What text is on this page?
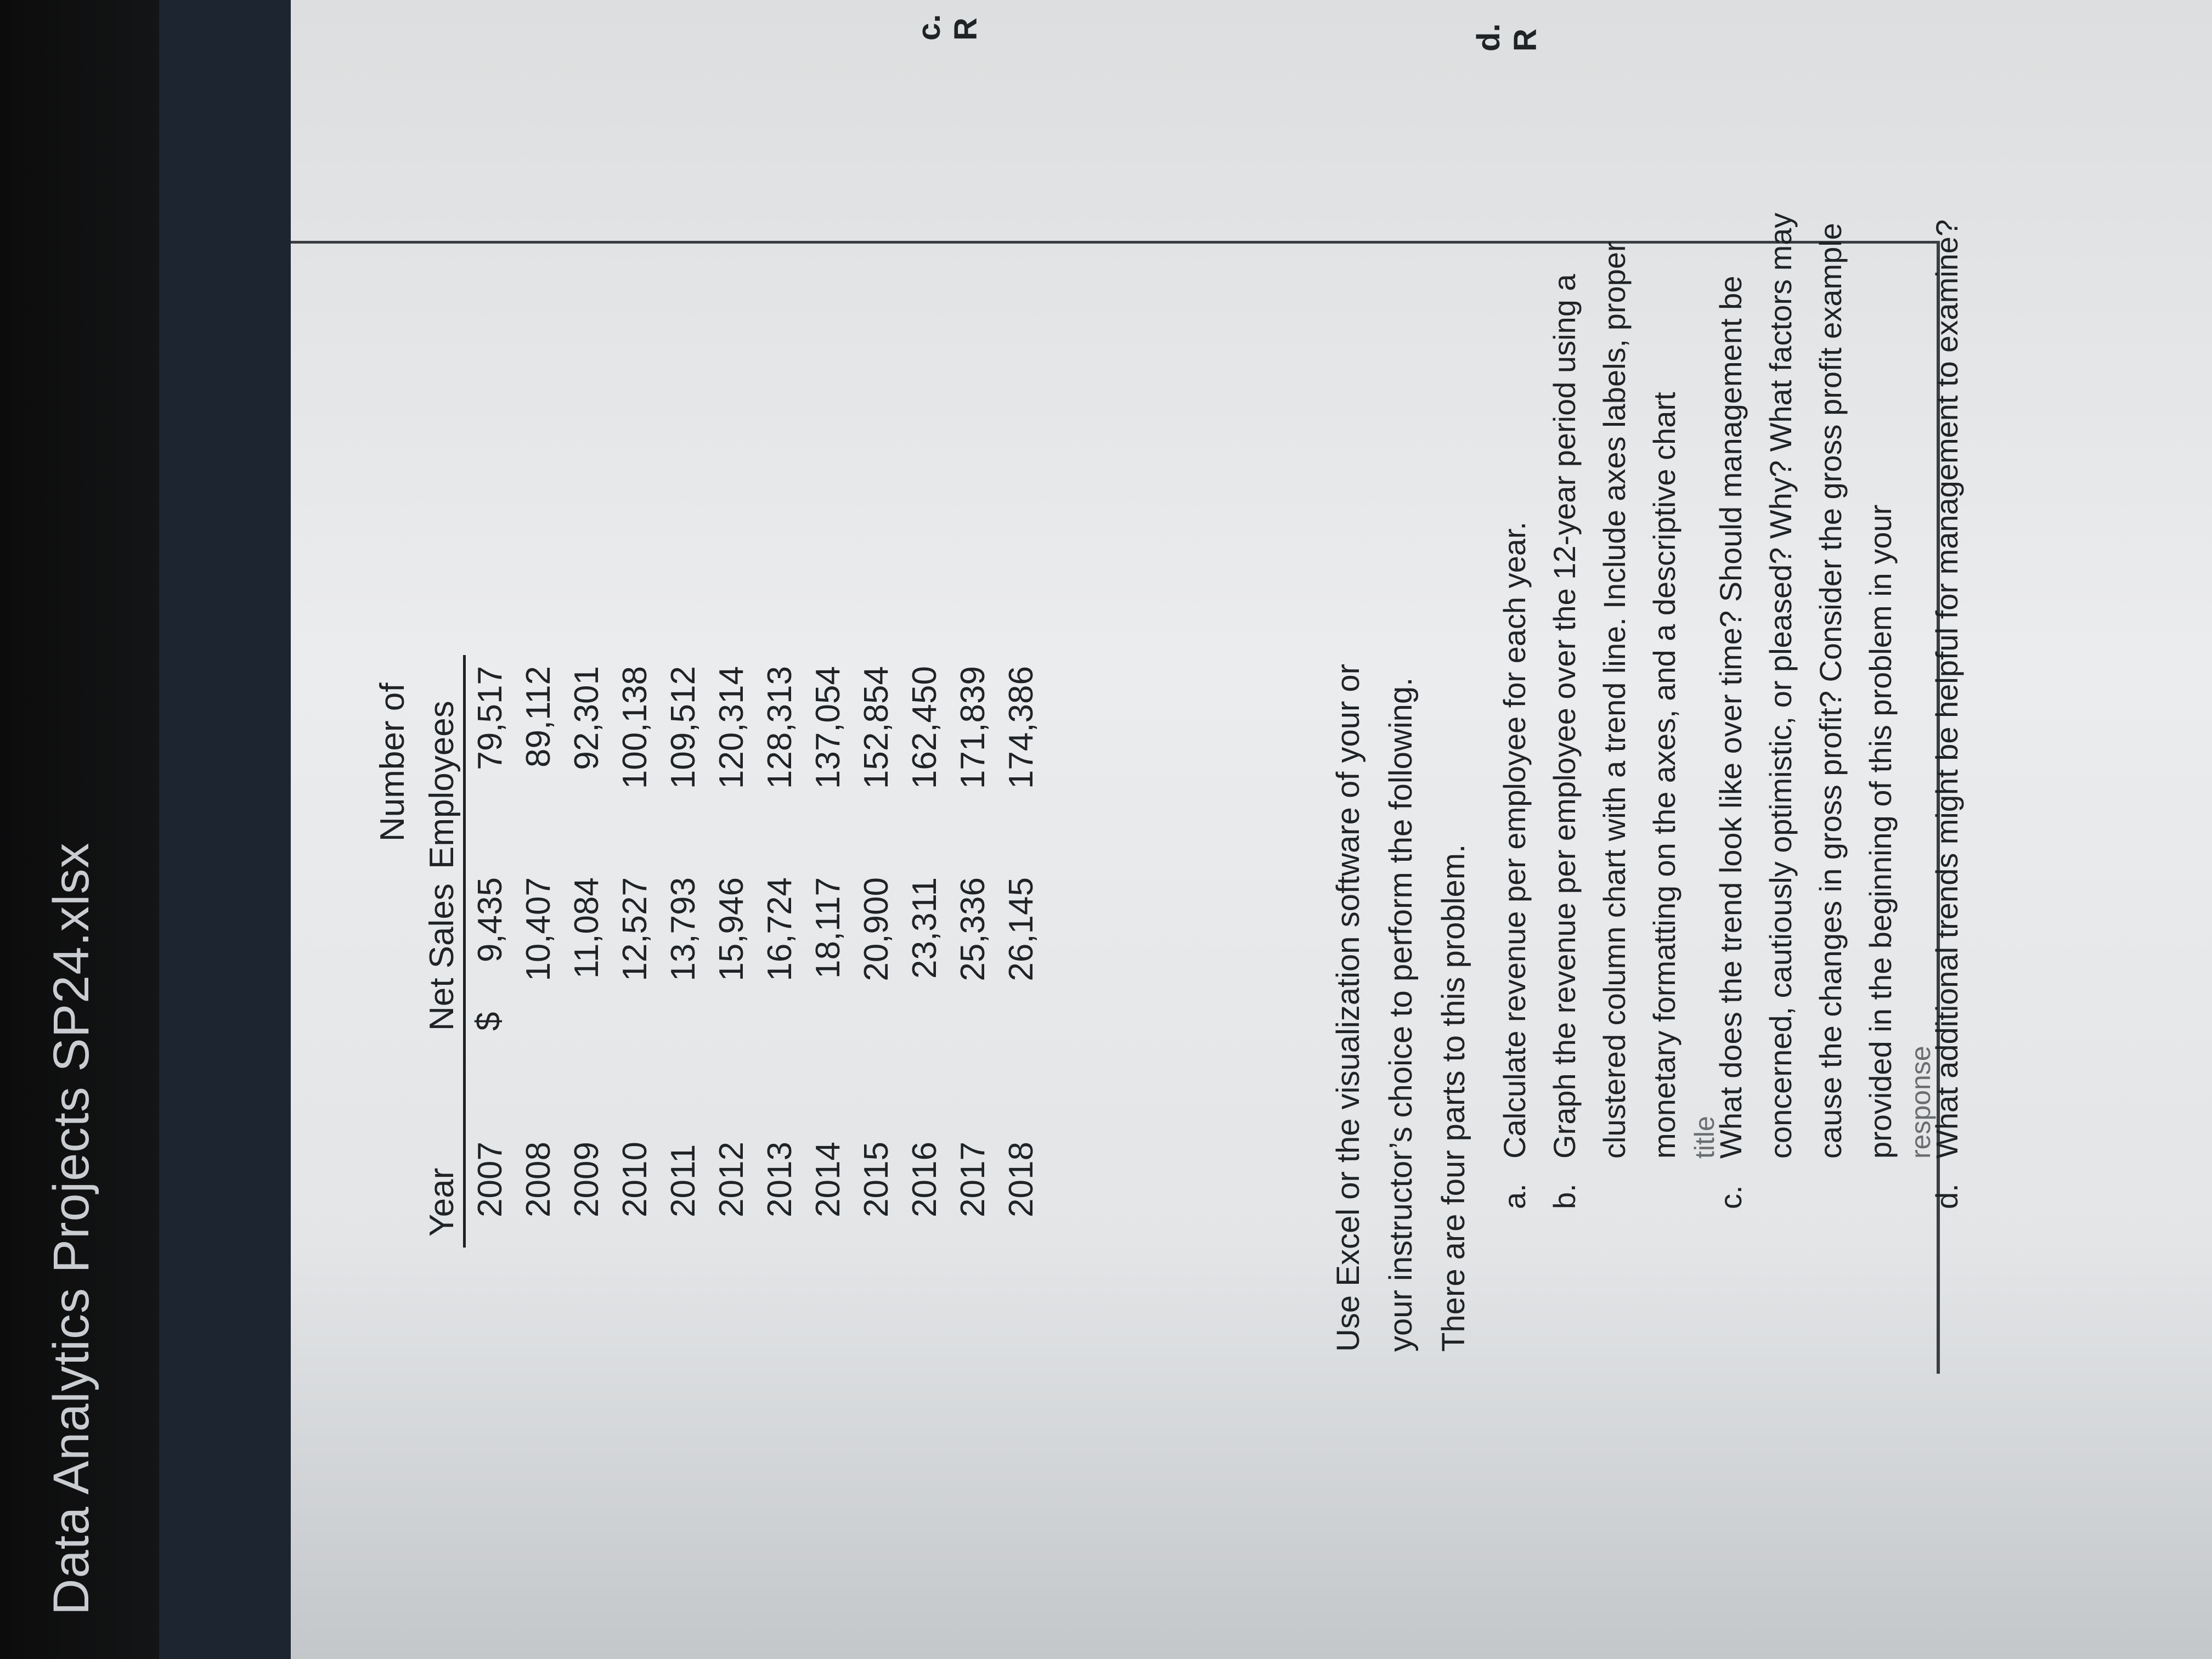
Data Analytics Projects SP24.xlsx
c. R	d. R
Year
Net Sales
Number of Employees
$
2007
9,435
79,517
2008
10,407
89,112
2009
11,084
92,301
2010
12,527
100,138
2011
13,793
109,512
2012
15,946
120,314
2013
16,724
128,313
2014
18,117
137,054
2015
20,900
152,854
2016
23,311
162,450
2017
25,336
171,839
2018
26,145
174,386	Use Excel or the visualization software of your or your instructor’s choice to perform the following. There are four parts to this problem. a.
Calculate revenue per employee for each year.
b.
Graph the revenue per employee over the 12-year period using a clustered column chart with a trend line. Include axes labels, proper monetary formatting on the axes, and a descriptive chart title
c.
What does the trend look like over time? Should management be concerned, cautiously optimistic, or pleased? Why? What factors may cause the changes in gross profit? Consider the gross profit example provided in the beginning of this problem in your response
d.
What additional trends might be helpful for management to examine?
